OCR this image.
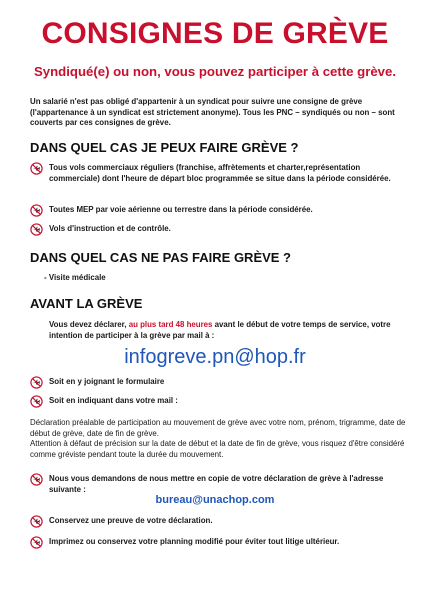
CONSIGNES DE GRÈVE
Syndiqué(e) ou non, vous pouvez participer à cette grève.
Un salarié n'est pas obligé d'appartenir à un syndicat pour suivre une consigne de grève (l'appartenance à un syndicat est strictement anonyme). Tous les PNC – syndiqués ou non – sont couverts par ces consignes de grève.
DANS QUEL CAS JE PEUX FAIRE GRÈVE ?
Tous vols commerciaux réguliers (franchise, affrètements et charter,représentation commerciale) dont l'heure de départ bloc programmée se situe dans la période considérée.
Toutes MEP par voie aérienne ou terrestre dans la période considérée.
Vols d'instruction et de contrôle.
DANS QUEL CAS NE PAS FAIRE GRÈVE ?
- Visite médicale
AVANT LA GRÈVE
Vous devez déclarer, au plus tard 48 heures avant le début de votre temps de service, votre intention de participer à la grève par mail à :
infogreve.pn@hop.fr
Soit en y joignant le formulaire
Soit en indiquant dans votre mail :
Déclaration préalable de participation au mouvement de grève avec votre nom, prénom, trigramme, date de début de grève, date de fin de grève.
Attention à défaut de précision sur la date de début et la date de fin de grève, vous risquez d'être considéré comme gréviste pendant toute la durée du mouvement.
Nous vous demandons de nous mettre en copie de votre déclaration de grève à l'adresse suivante :
bureau@unachop.com
Conservez une preuve de votre déclaration.
Imprimez ou conservez votre planning modifié pour éviter tout litige ultérieur.
